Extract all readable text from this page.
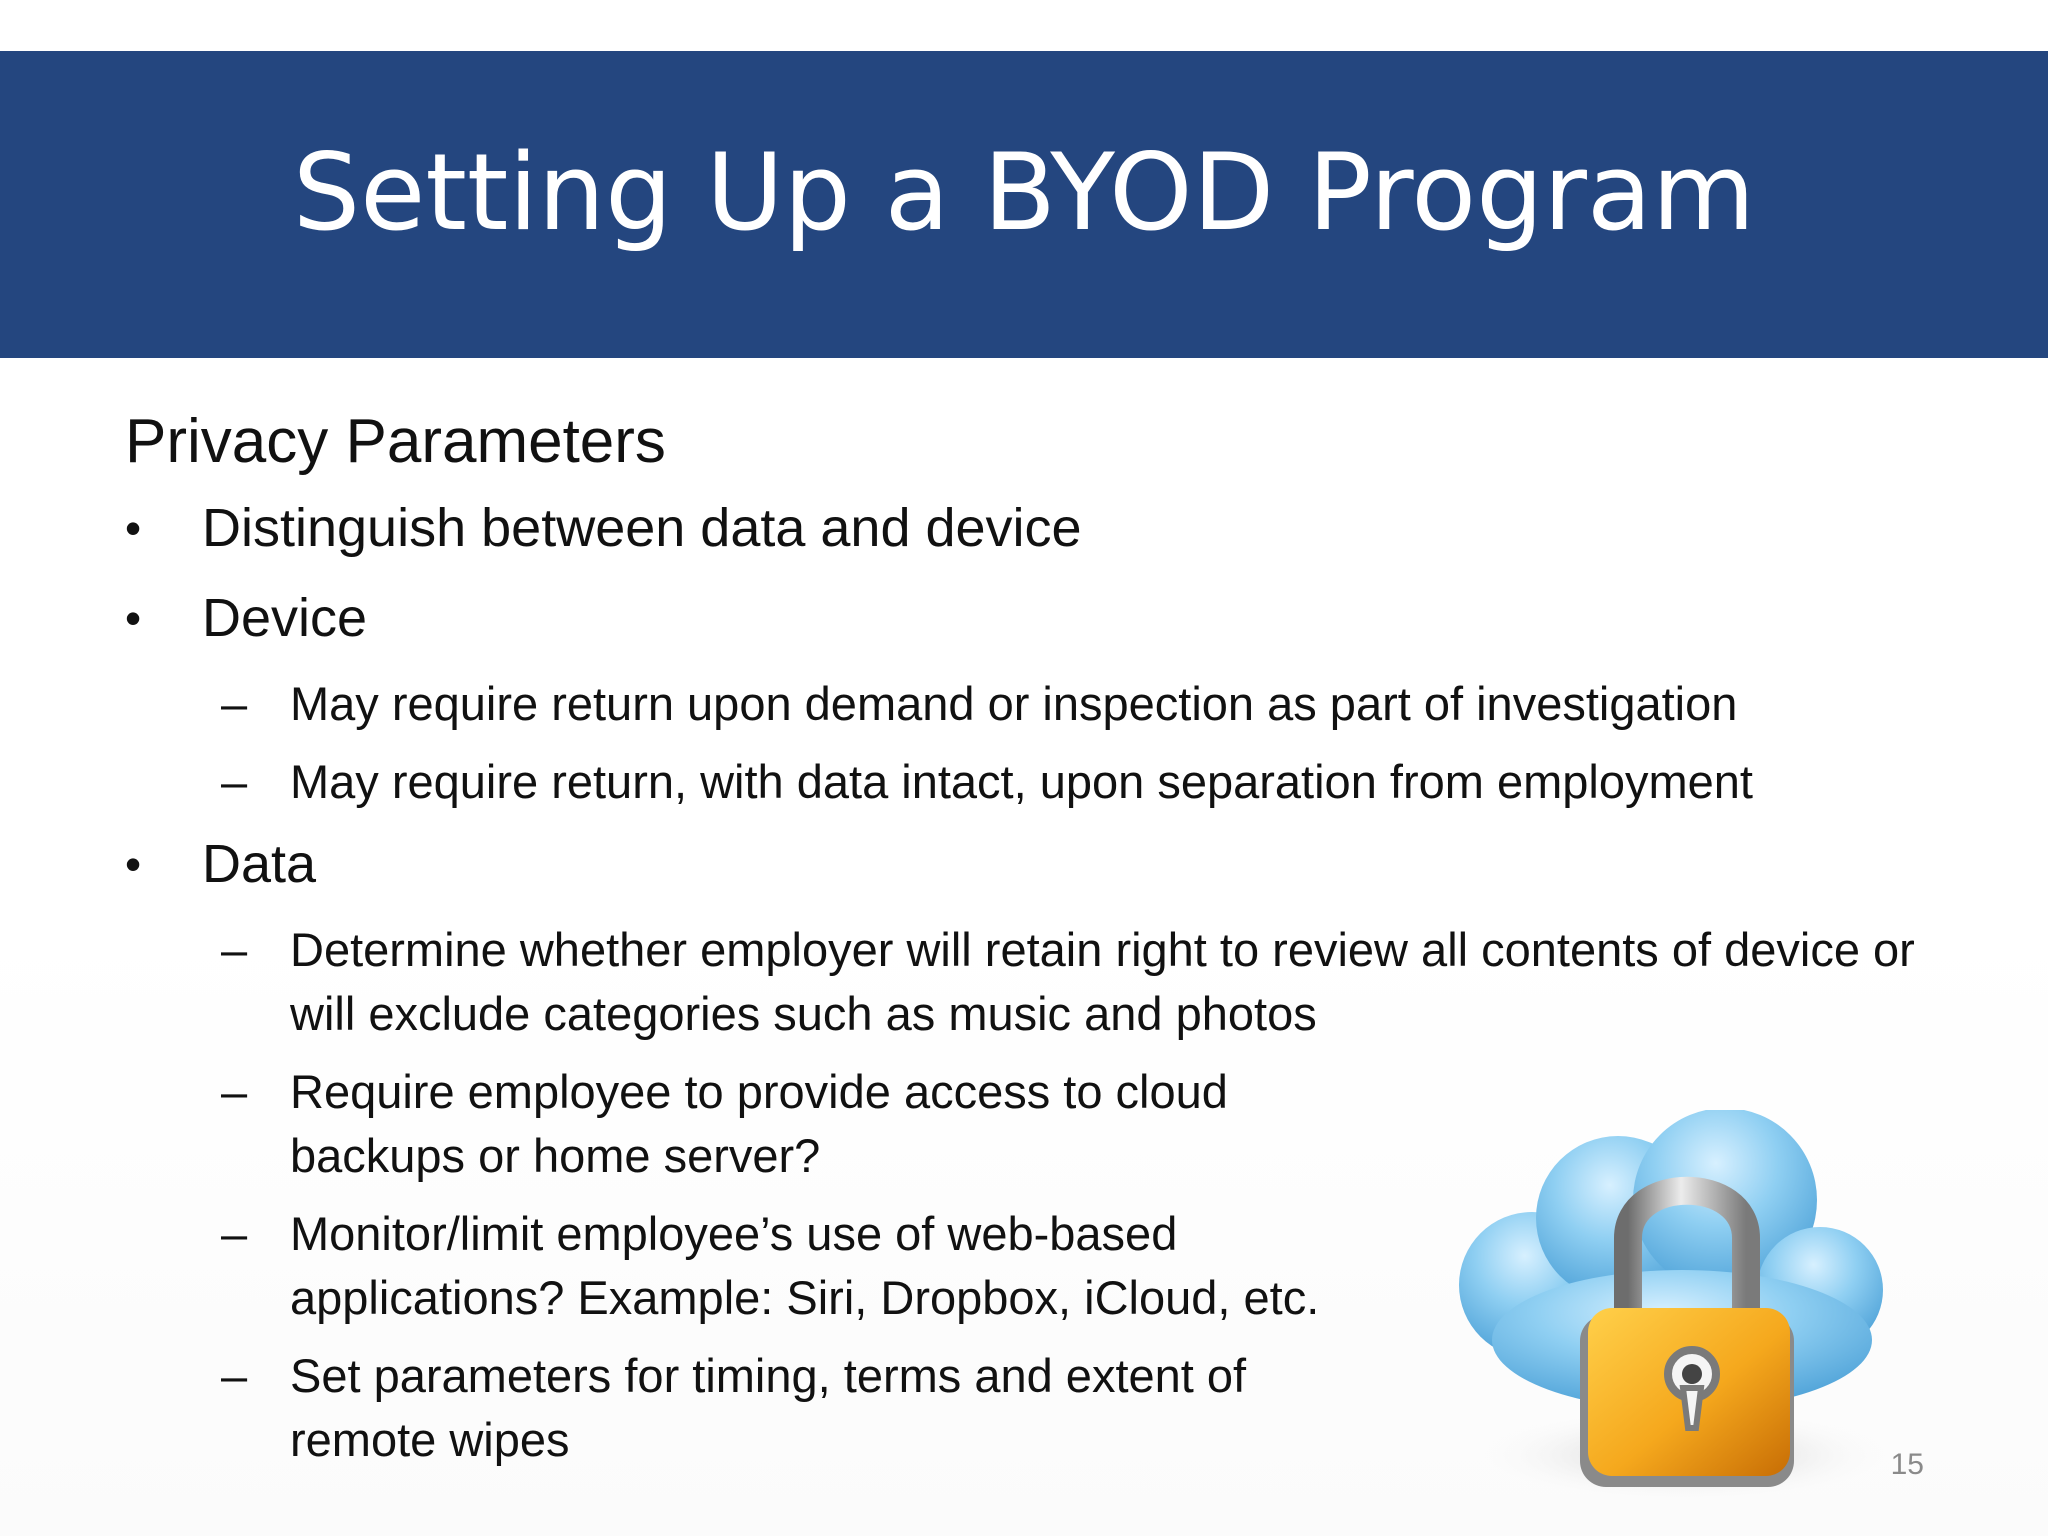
Setting Up a BYOD Program
Privacy Parameters
•	Distinguish between data and device
•	Device
– May require return upon demand or inspection as part of investigation
– May require return, with data intact, upon separation from employment
•	Data
– Determine whether employer will retain right to review all contents of device or will exclude categories such as music and photos
– Require employee to provide access to cloud backups or home server?
– Monitor/limit employee’s use of web-based applications? Example: Siri, Dropbox, iCloud, etc.
– Set parameters for timing, terms and extent of remote wipes	15
